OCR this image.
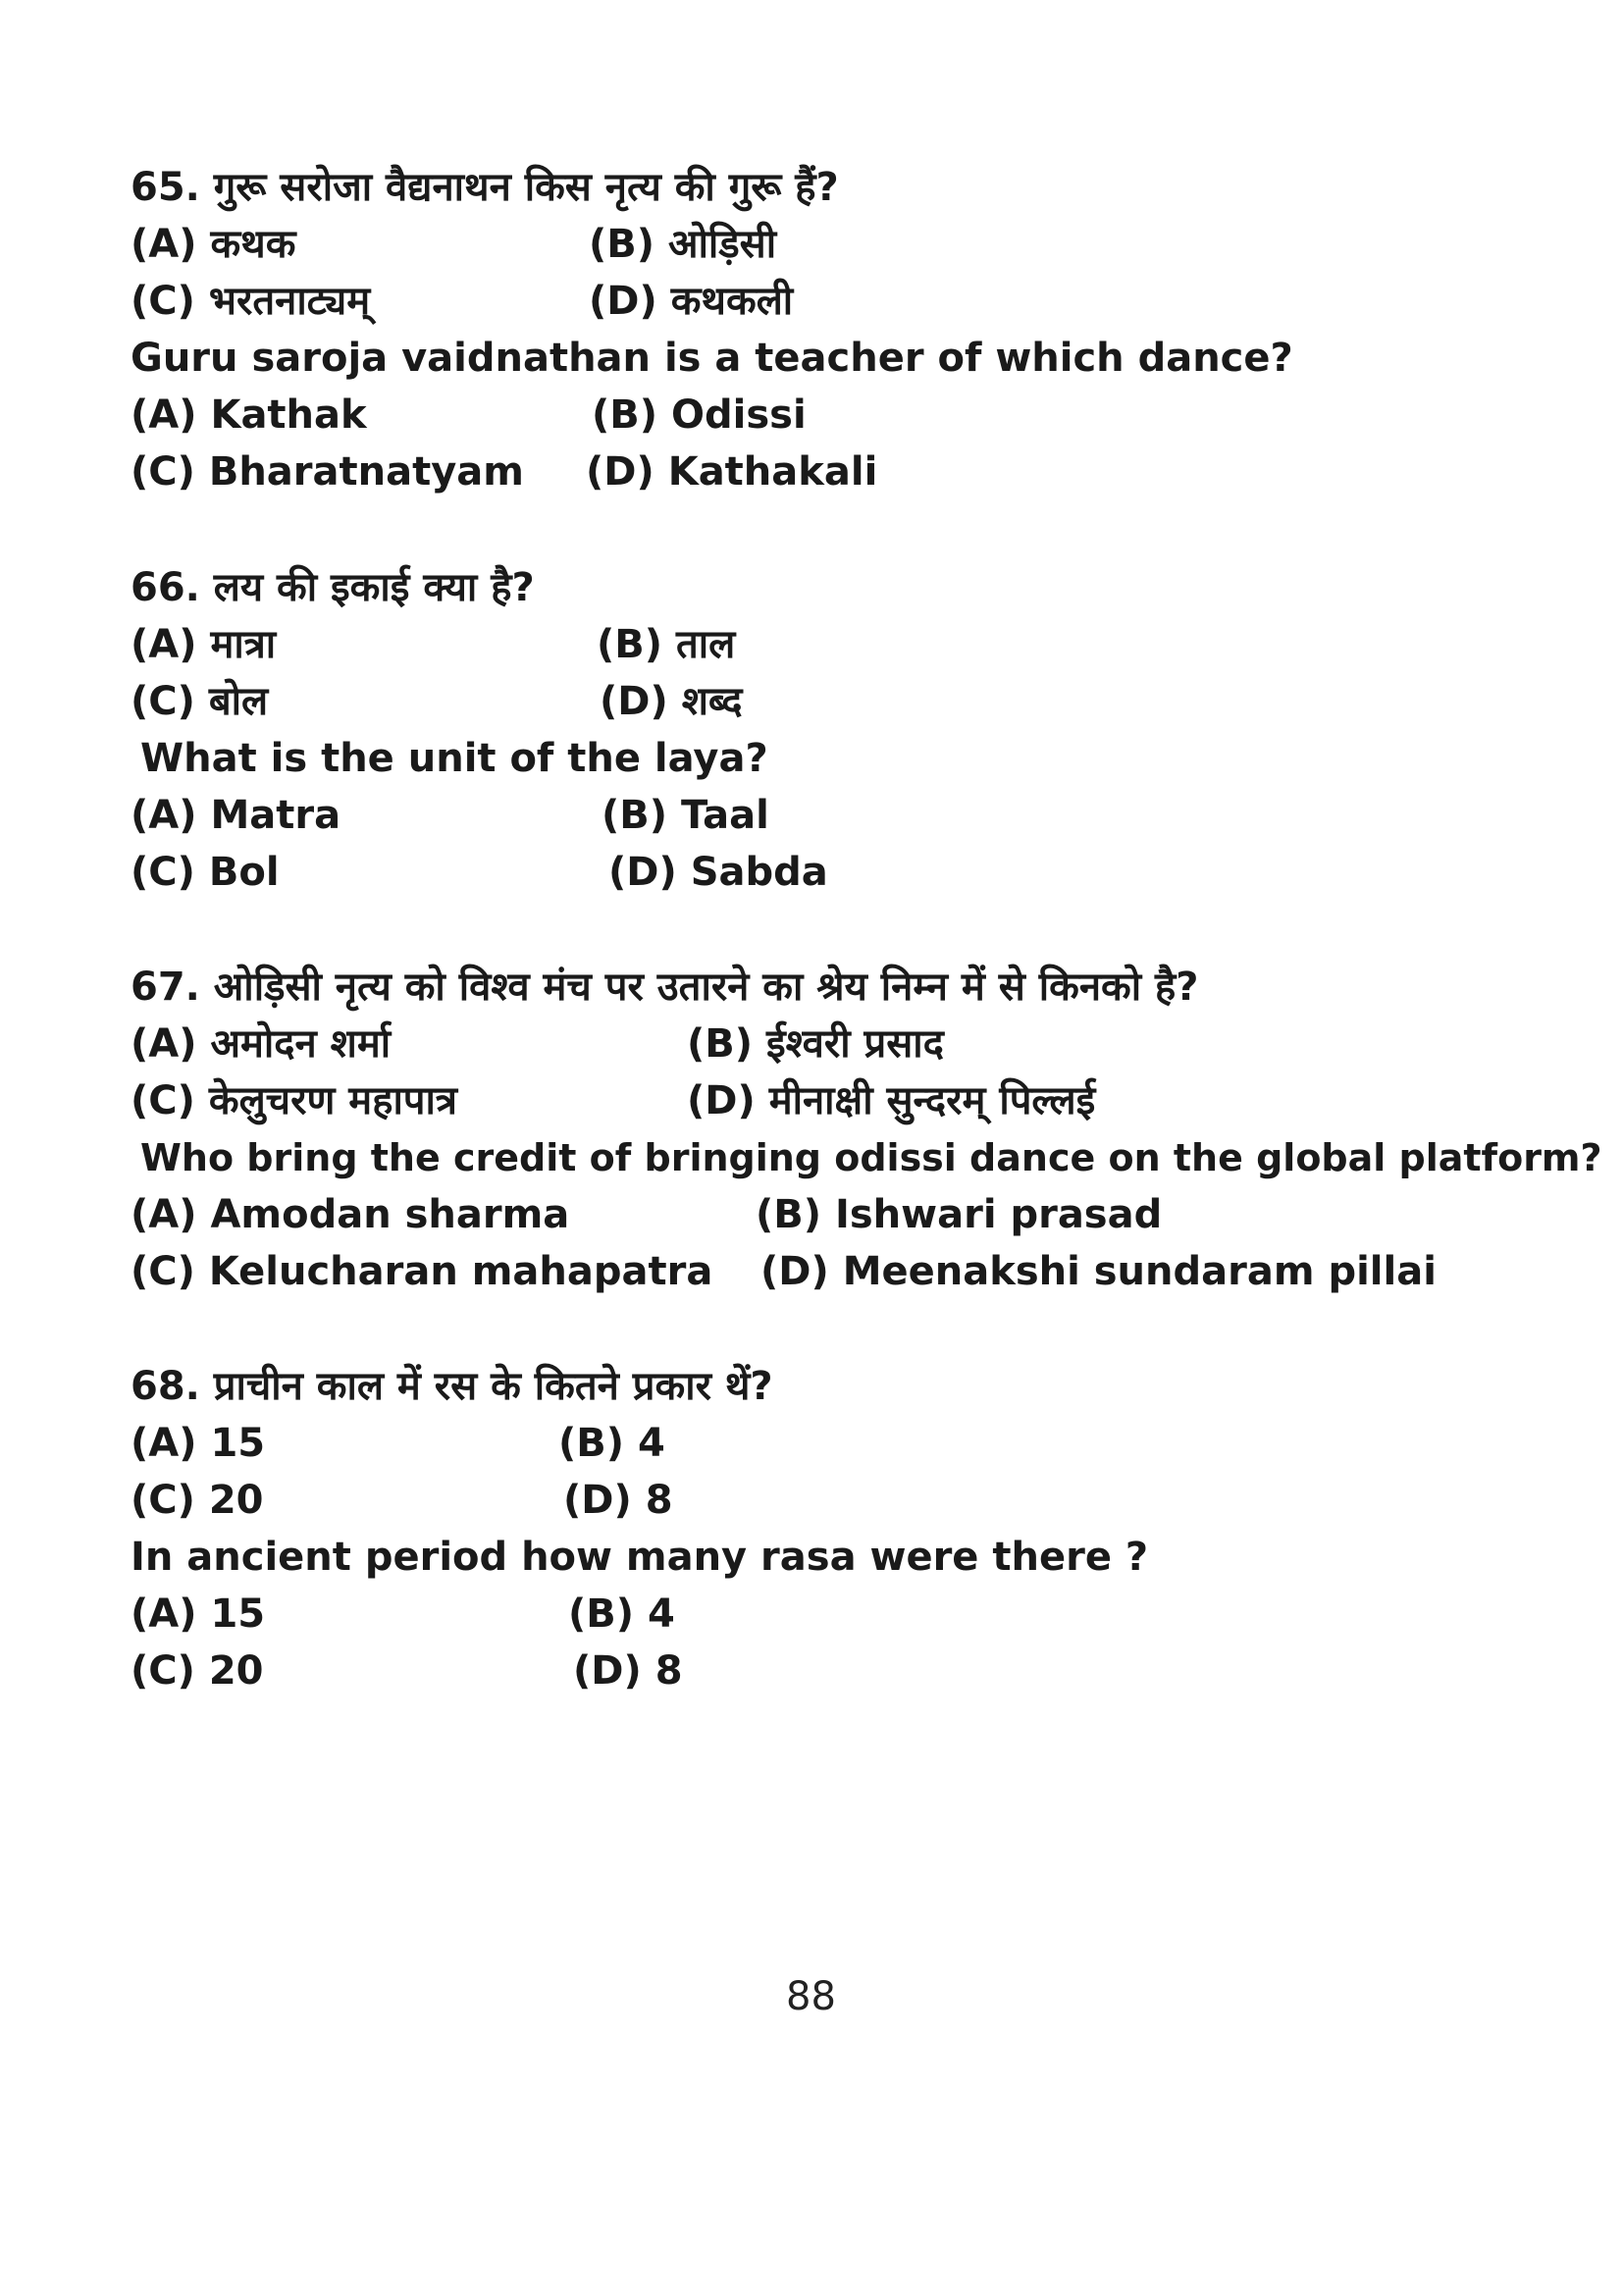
65. गुरू सरोजा वैद्यनाथन किस नृत्य की गुरू हैं?
(A) कथक	(B) ओड़िसी
(C) भरतनाट्यम्	(D) कथकली
Guru saroja vaidnathan is a teacher of which dance?
(A) Kathak	(B) Odissi
(C) Bharatnatyam (D) Kathakali
66. लय की इकाई क्या है?
(A) मात्रा	(B) ताल
(C) बोल	(D) शब्द
What is the unit of the laya?
(A) Matra	(B) Taal
(C) Bol	(D) Sabda
67. ओड़िसी नृत्य को विश्व मंच पर उतारने का श्रेय निम्न में से किनको है?
(A) अमोदन शर्मा	(B) ईश्वरी प्रसाद
(C) केलुचरण महापात्र	(D) मीनाक्षी सुन्दरम् पिल्लई
Who bring the credit of bringing odissi dance on the global platform?
(A) Amodan sharma	(B) Ishwari prasad
(C) Kelucharan mahapatra (D) Meenakshi sundaram pillai
68. प्राचीन काल में रस के कितने प्रकार थें?
(A) 15	(B) 4
(C) 20	(D) 8
In ancient period how many rasa were there ?
(A) 15	(B) 4
(C) 20	(D) 8
88
